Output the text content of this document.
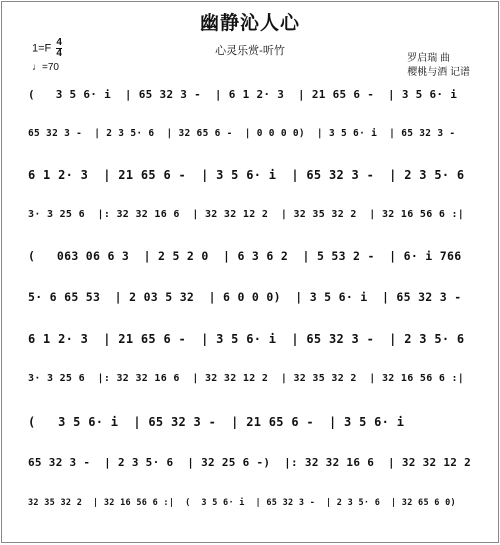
幽静沁人心
心灵乐赏-听竹
$1=F \frac{4}{4}$
♩=70
罗启瑞 曲
樱桃与酒 记谱
(   3 5 6· i  | 65 32 3 -  | 6 1 2· 3  | 21 65 6 -  | 3 5 6· i
65 32 3 -  | 2 3 5· 6  | 32 65 6 -  | 0 0 0 0)  | 3 5 6· i  | 65 32 3 -
6 1 2· 3  | 21 65 6 -  | 3 5 6· i  | 65 32 3 -  | 2 3 5· 6
3· 3 25 6  |: 32 32 16 6  | 32 32 12 2  | 32 35 32 2  | 32 16 56 6 :|
(   063 06 6 3  | 2 5 2 0  | 6 3 6 2  | 5 53 2 -  | 6· i 766
5· 6 65 53  | 2 03 5 32  | 6 0 0 0)  | 3 5 6· i  | 65 32 3 -
6 1 2· 3  | 21 65 6 -  | 3 5 6· i  | 65 32 3 -  | 2 3 5· 6
3· 3 25 6  |: 32 32 16 6  | 32 32 12 2  | 32 35 32 2  | 32 16 56 6 :|
(   3 5 6· i  | 65 32 3 -  | 21 65 6 -  | 3 5 6· i
65 32 3 -  | 2 3 5· 6  | 32 25 6 -)  |: 32 32 16 6  | 32 32 12 2
32 35 32 2  | 32 16 56 6 :|  (  3 5 6· i  | 65 32 3 -  | 2 3 5· 6  | 32 65 6 0)
